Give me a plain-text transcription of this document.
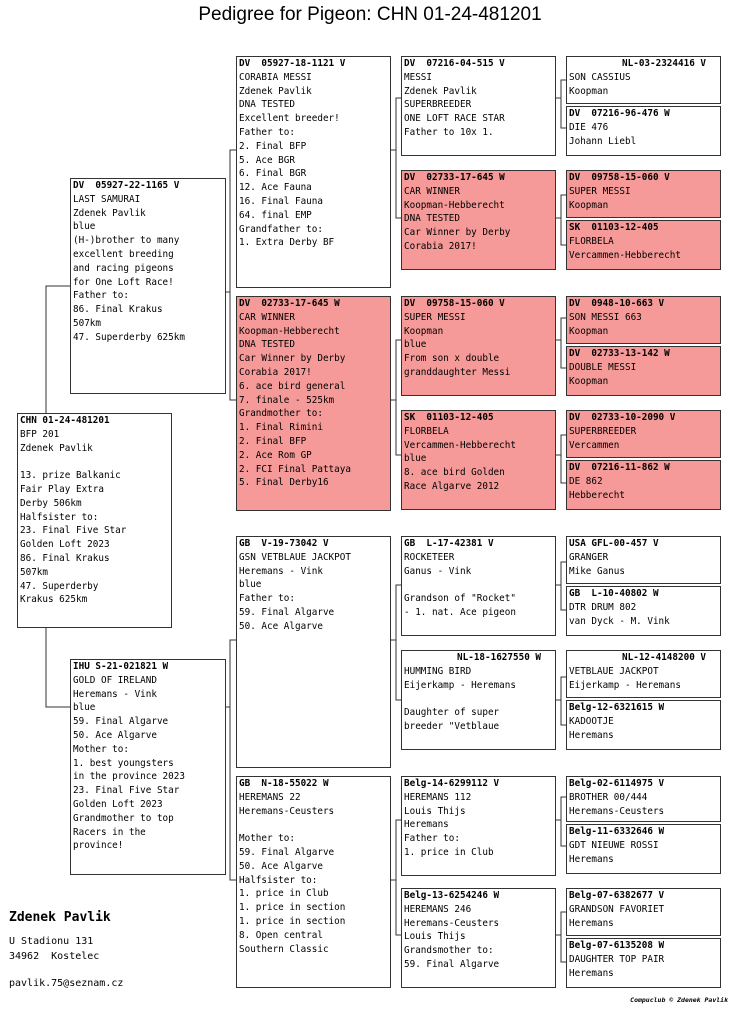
Pedigree for Pigeon: CHN 01-24-481201
CHN 01-24-481201
BFP 201
Zdenek Pavlik

13. prize Balkanic
Fair Play Extra
Derby 506km
Halfsister to:
23. Final Five Star
Golden Loft 2023
86. Final Krakus
507km
47. Superderby
Krakus 625km
DV  05927-22-1165 V
LAST SAMURAI
Zdenek Pavlik
blue
(H-)brother to many
excellent breeding
and racing pigeons
for One Loft Race!
Father to:
86. Final Krakus
507km
47. Superderby 625km
IHU S-21-021821 W
GOLD OF IRELAND
Heremans - Vink
blue
59. Final Algarve
50. Ace Algarve
Mother to:
1. best youngsters
in the province 2023
23. Final Five Star
Golden Loft 2023
Grandmother to top
Racers in the
province!
DV  05927-18-1121 V
CORABIA MESSI
Zdenek Pavlik
DNA TESTED
Excellent breeder!
Father to:
2. Final BFP
5. Ace BGR
6. Final BGR
12. Ace Fauna
16. Final Fauna
64. final EMP
Grandfather to:
1. Extra Derby BF
DV  02733-17-645 W
CAR WINNER
Koopman-Hebberecht
DNA TESTED
Car Winner by Derby
Corabia 2017!
6. ace bird general
7. finale - 525km
Grandmother to:
1. Final Rimini
2. Final BFP
2. Ace Rom GP
2. FCI Final Pattaya
5. Final Derby16
GB  V-19-73042 V
GSN VETBLAUE JACKPOT
Heremans - Vink
blue
Father to:
59. Final Algarve
50. Ace Algarve
GB  N-18-55022 W
HEREMANS 22
Heremans-Ceusters

Mother to:
59. Final Algarve
50. Ace Algarve
Halfsister to:
1. price in Club
1. price in section
1. price in section
8. Open central
Southern Classic
DV  07216-04-515 V
MESSI
Zdenek Pavlik
SUPERBREEDER
ONE LOFT RACE STAR
Father to 10x 1.
DV  02733-17-645 W
CAR WINNER
Koopman-Hebberecht
DNA TESTED
Car Winner by Derby
Corabia 2017!
DV  09758-15-060 V
SUPER MESSI
Koopman
blue
From son x double
granddaughter Messi
SK  01103-12-405
FLORBELA
Vercammen-Hebberecht
blue
8. ace bird Golden
Race Algarve 2012
GB  L-17-42381 V
ROCKETEER
Ganus - Vink

Grandson of "Rocket"
- 1. nat. Ace pigeon
NL-18-1627550 W
HUMMING BIRD
Eijerkamp - Heremans

Daughter of super
breeder "Vetblaue
Belg-14-6299112 V
HEREMANS 112
Louis Thijs
Heremans
Father to:
1. price in Club
Belg-13-6254246 W
HEREMANS 246
Heremans-Ceusters
Louis Thijs
Grandsmother to:
59. Final Algarve
NL-03-2324416 V
SON CASSIUS
Koopman
DV  07216-96-476 W
DIE 476
Johann Liebl
DV  09758-15-060 V
SUPER MESSI
Koopman
SK  01103-12-405
FLORBELA
Vercammen-Hebberecht
DV  0948-10-663 V
SON MESSI 663
Koopman
DV  02733-13-142 W
DOUBLE MESSI
Koopman
DV  02733-10-2090 V
SUPERBREEDER
Vercammen
DV  07216-11-862 W
DE 862
Hebberecht
USA GFL-00-457 V
GRANGER
Mike Ganus
GB  L-10-40802 W
DTR DRUM 802
van Dyck - M. Vink
NL-12-4148200 V
VETBLAUE JACKPOT
Eijerkamp - Heremans
Belg-12-6321615 W
KADOOTJE
Heremans
Belg-02-6114975 V
BROTHER 00/444
Heremans-Ceusters
Belg-11-6332646 W
GDT NIEUWE ROSSI
Heremans
Belg-07-6382677 V
GRANDSON FAVORIET
Heremans
Belg-07-6135208 W
DAUGHTER TOP PAIR
Heremans
Zdenek Pavlik
U Stadionu 131
34962  Kostelec
pavlik.75@seznam.cz
Compuclub © Zdenek Pavlik
